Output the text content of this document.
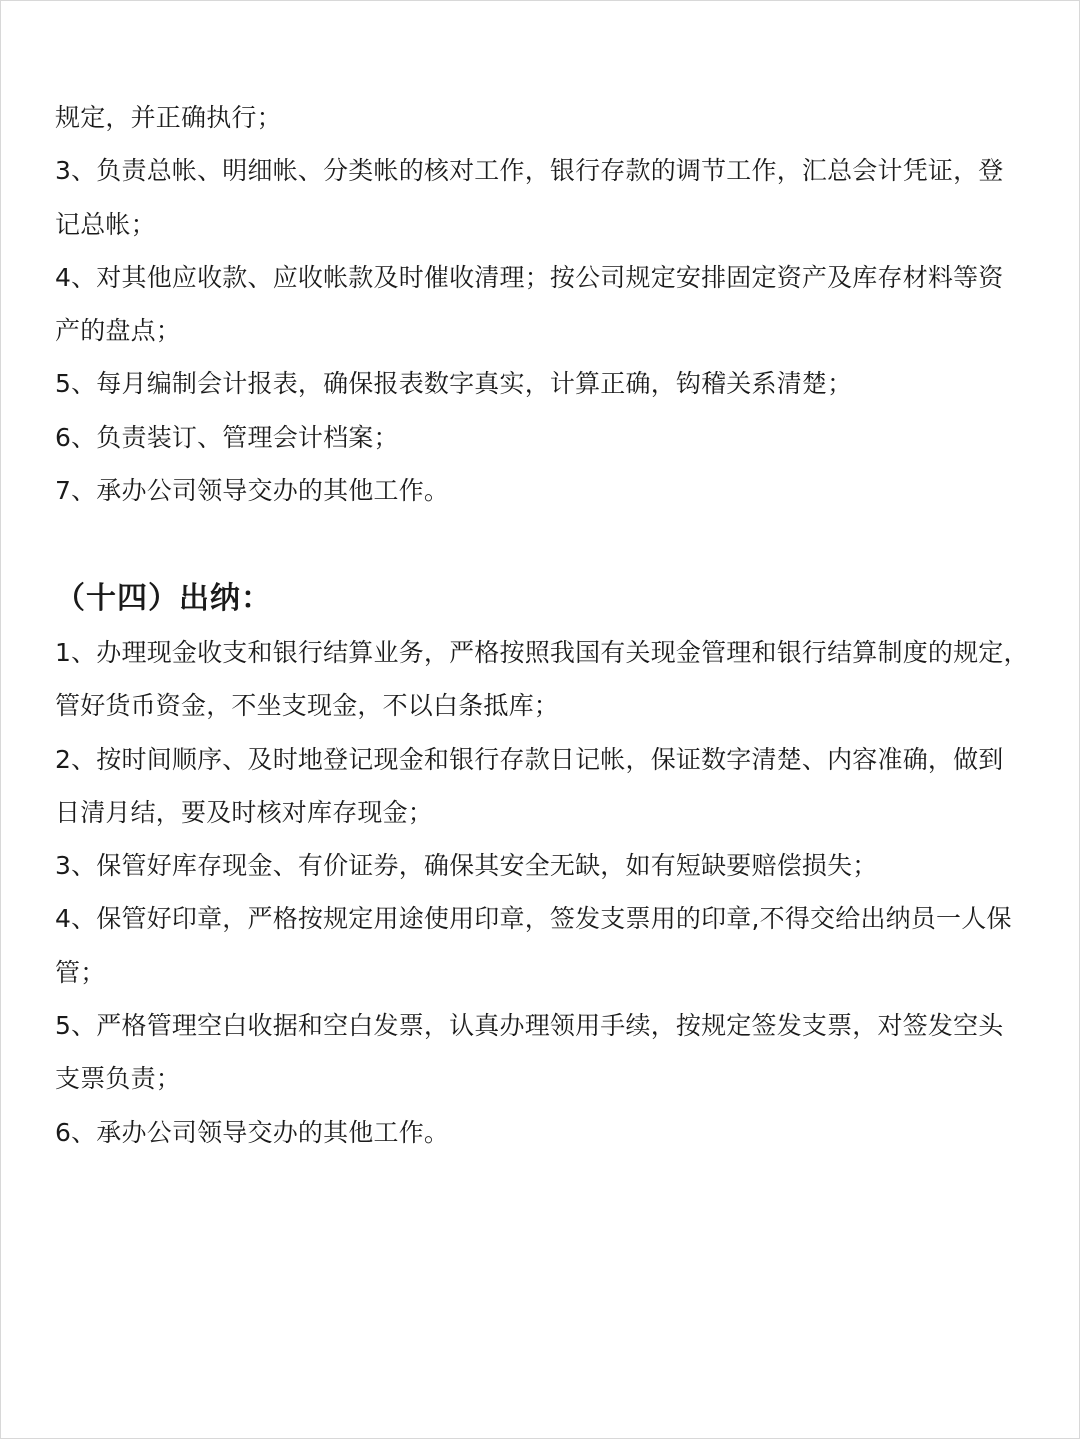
规定，并正确执行；
3、负责总帐、明细帐、分类帐的核对工作，银行存款的调节工作，汇总会计凭证，登
记总帐；
4、对其他应收款、应收帐款及时催收清理；按公司规定安排固定资产及库存材料等资
产的盘点；
5、每月编制会计报表，确保报表数字真实，计算正确，钩稽关系清楚；
6、负责装订、管理会计档案；
7、承办公司领导交办的其他工作。
（十四）出纳：
1、办理现金收支和银行结算业务，严格按照我国有关现金管理和银行结算制度的规定，
管好货币资金，不坐支现金，不以白条抵库；
2、按时间顺序、及时地登记现金和银行存款日记帐，保证数字清楚、内容准确，做到
日清月结，要及时核对库存现金；
3、保管好库存现金、有价证券，确保其安全无缺，如有短缺要赔偿损失；
4、保管好印章，严格按规定用途使用印章，签发支票用的印章,不得交给出纳员一人保
管；
5、严格管理空白收据和空白发票，认真办理领用手续，按规定签发支票，对签发空头
支票负责；
6、承办公司领导交办的其他工作。
